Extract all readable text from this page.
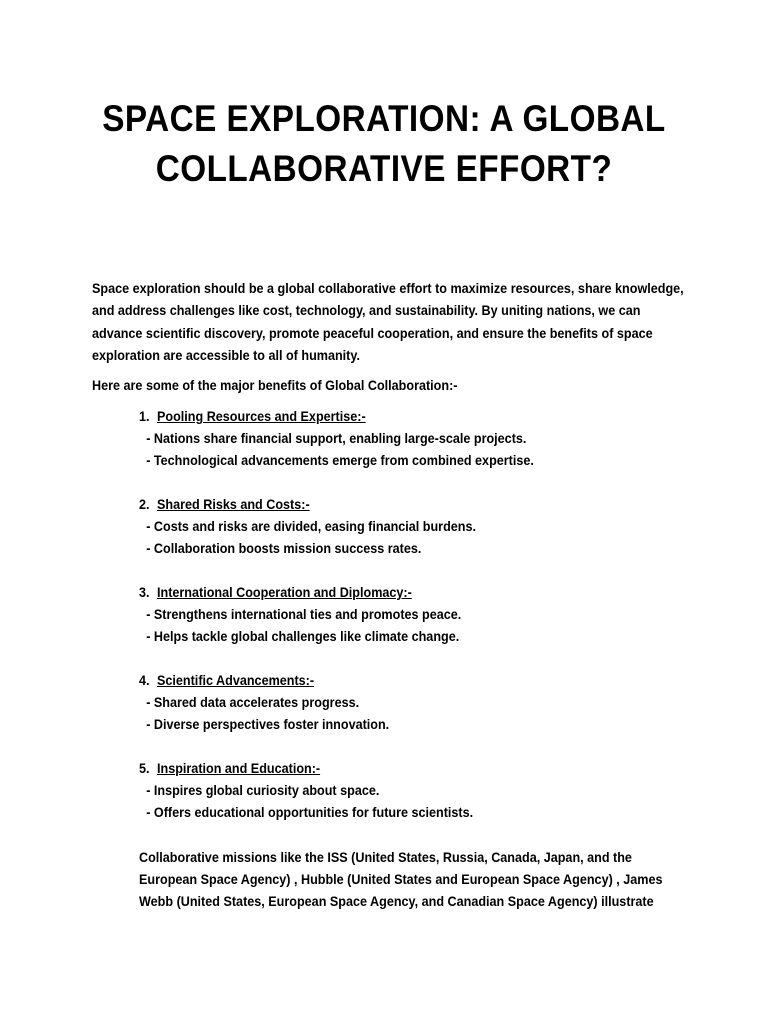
SPACE EXPLORATION: A GLOBAL
COLLABORATIVE EFFORT?

Space exploration should be a global collaborative effort to maximize resources, share knowledge, and address challenges like cost, technology, and sustainability. By uniting nations, we can advance scientific discovery, promote peaceful cooperation, and ensure the benefits of space exploration are accessible to all of humanity.

Here are some of the major benefits of Global Collaboration:-

1. Pooling Resources and Expertise:-
- Nations share financial support, enabling large-scale projects.
- Technological advancements emerge from combined expertise.
2. Shared Risks and Costs:-
- Costs and risks are divided, easing financial burdens.
- Collaboration boosts mission success rates.
3. International Cooperation and Diplomacy:-
- Strengthens international ties and promotes peace.
- Helps tackle global challenges like climate change.
4. Scientific Advancements:-
- Shared data accelerates progress.
- Diverse perspectives foster innovation.
5. Inspiration and Education:-
- Inspires global curiosity about space.
- Offers educational opportunities for future scientists.
Collaborative missions like the ISS (United States, Russia, Canada, Japan, and the
European Space Agency) , Hubble (United States and European Space Agency) , James
Webb (United States, European Space Agency, and Canadian Space Agency) illustrate
